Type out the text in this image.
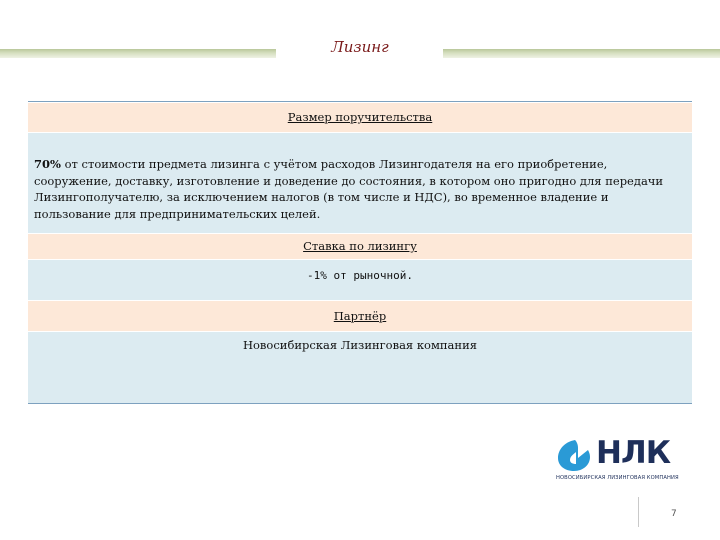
Лизинг
Размер поручительства
70% от стоимости предмета лизинга с учётом расходов Лизингодателя на его приобретение, сооружение, доставку, изготовление и доведение до состояния, в котором оно пригодно для передачи Лизингополучателю, за исключением налогов (в том числе и НДС), во временное владение и пользование для предпринимательских целей.
Ставка по лизингу
-1% от рыночной.
Партнёр
Новосибирская Лизинговая компания
НЛК
НОВОСИБИРСКАЯ ЛИЗИНГОВАЯ КОМПАНИЯ
7
